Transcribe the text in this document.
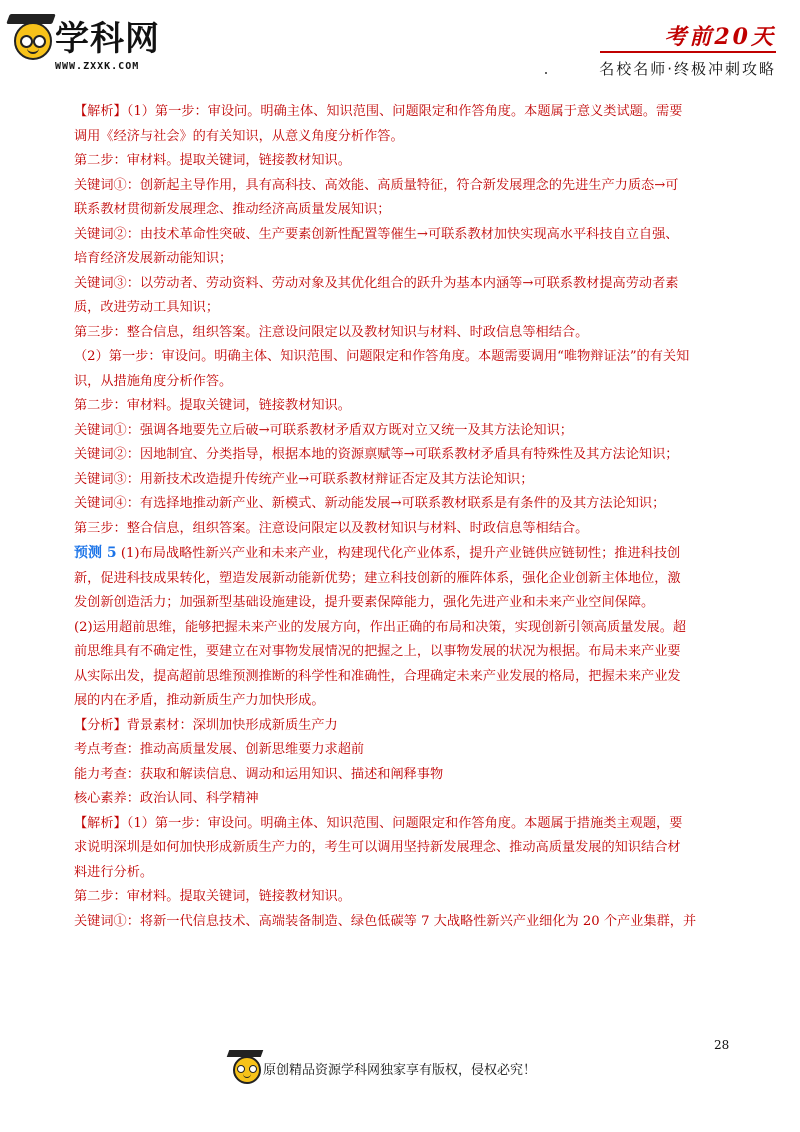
学科网
WWW.ZXXK.COM
考前20天
名校名师·终极冲刺攻略
【解析】（1）第一步：审设问。明确主体、知识范围、问题限定和作答角度。本题属于意义类试题。需要
调用《经济与社会》的有关知识，从意义角度分析作答。
第二步：审材料。提取关键词，链接教材知识。
关键词①：创新起主导作用，具有高科技、高效能、高质量特征，符合新发展理念的先进生产力质态→可
联系教材贯彻新发展理念、推动经济高质量发展知识；
关键词②：由技术革命性突破、生产要素创新性配置等催生→可联系教材加快实现高水平科技自立自强、
培育经济发展新动能知识；
关键词③：以劳动者、劳动资料、劳动对象及其优化组合的跃升为基本内涵等→可联系教材提高劳动者素
质，改进劳动工具知识；
第三步：整合信息，组织答案。注意设问限定以及教材知识与材料、时政信息等相结合。
（2）第一步：审设问。明确主体、知识范围、问题限定和作答角度。本题需要调用“唯物辩证法”的有关知
识，从措施角度分析作答。
第二步：审材料。提取关键词，链接教材知识。
关键词①：强调各地要先立后破→可联系教材矛盾双方既对立又统一及其方法论知识；
关键词②：因地制宜、分类指导，根据本地的资源禀赋等→可联系教材矛盾具有特殊性及其方法论知识；
关键词③：用新技术改造提升传统产业→可联系教材辩证否定及其方法论知识；
关键词④：有选择地推动新产业、新模式、新动能发展→可联系教材联系是有条件的及其方法论知识；
第三步：整合信息，组织答案。注意设问限定以及教材知识与材料、时政信息等相结合。
预测 5 (1)布局战略性新兴产业和未来产业，构建现代化产业体系，提升产业链供应链韧性；推进科技创
新，促进科技成果转化，塑造发展新动能新优势；建立科技创新的雁阵体系，强化企业创新主体地位，激
发创新创造活力；加强新型基础设施建设，提升要素保障能力，强化先进产业和未来产业空间保障。
(2)运用超前思维，能够把握未来产业的发展方向，作出正确的布局和决策，实现创新引领高质量发展。超
前思维具有不确定性，要建立在对事物发展情况的把握之上，以事物发展的状况为根据。布局未来产业要
从实际出发，提高超前思维预测推断的科学性和准确性，合理确定未来产业发展的格局，把握未来产业发
展的内在矛盾，推动新质生产力加快形成。
【分析】背景素材：深圳加快形成新质生产力
考点考查：推动高质量发展、创新思维要力求超前
能力考查：获取和解读信息、调动和运用知识、描述和阐释事物
核心素养：政治认同、科学精神
【解析】（1）第一步：审设问。明确主体、知识范围、问题限定和作答角度。本题属于措施类主观题，要
求说明深圳是如何加快形成新质生产力的，考生可以调用坚持新发展理念、推动高质量发展的知识结合材
料进行分析。
第二步：审材料。提取关键词，链接教材知识。
关键词①：将新一代信息技术、高端装备制造、绿色低碳等 7 大战略性新兴产业细化为 20 个产业集群，并
28
原创精品资源学科网独家享有版权，侵权必究！
